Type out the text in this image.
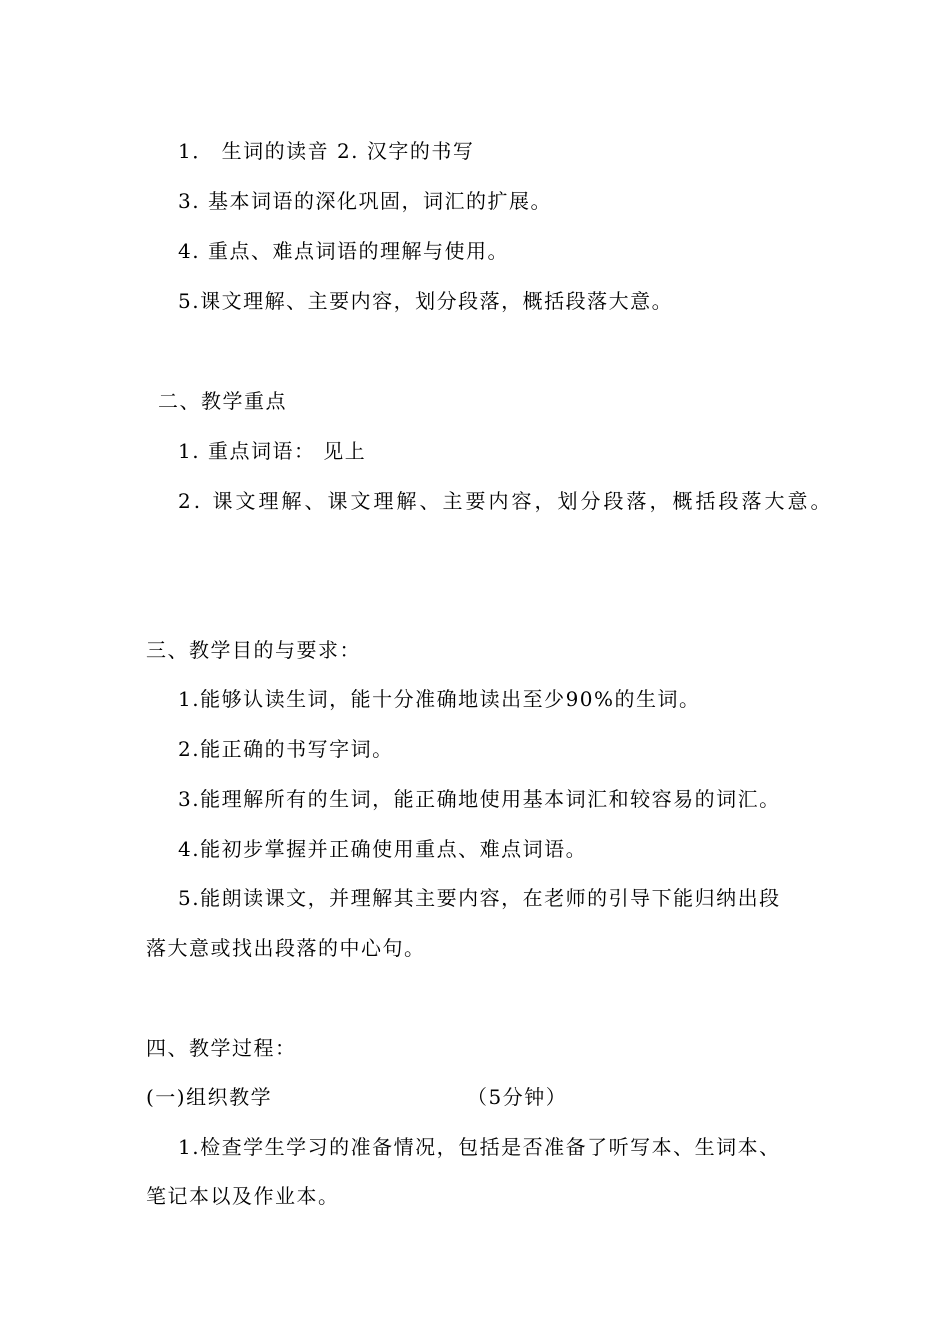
1． 生词的读音 2. 汉字的书写
3. 基本词语的深化巩固，词汇的扩展。
4. 重点、难点词语的理解与使用。
5.课文理解、主要内容，划分段落，概括段落大意。
二、教学重点
1. 重点词语： 见上
2. 课文理解、课文理解、主要内容，划分段落，概括段落大意。
三、教学目的与要求：
1.能够认读生词，能十分准确地读出至少90%的生词。
2.能正确的书写字词。
3.能理解所有的生词，能正确地使用基本词汇和较容易的词汇。
4.能初步掌握并正确使用重点、难点词语。
5.能朗读课文，并理解其主要内容，在老师的引导下能归纳出段
落大意或找出段落的中心句。
四、教学过程：
(一)组织教学	（5分钟）
1.检查学生学习的准备情况，包括是否准备了听写本、生词本、
笔记本以及作业本。
